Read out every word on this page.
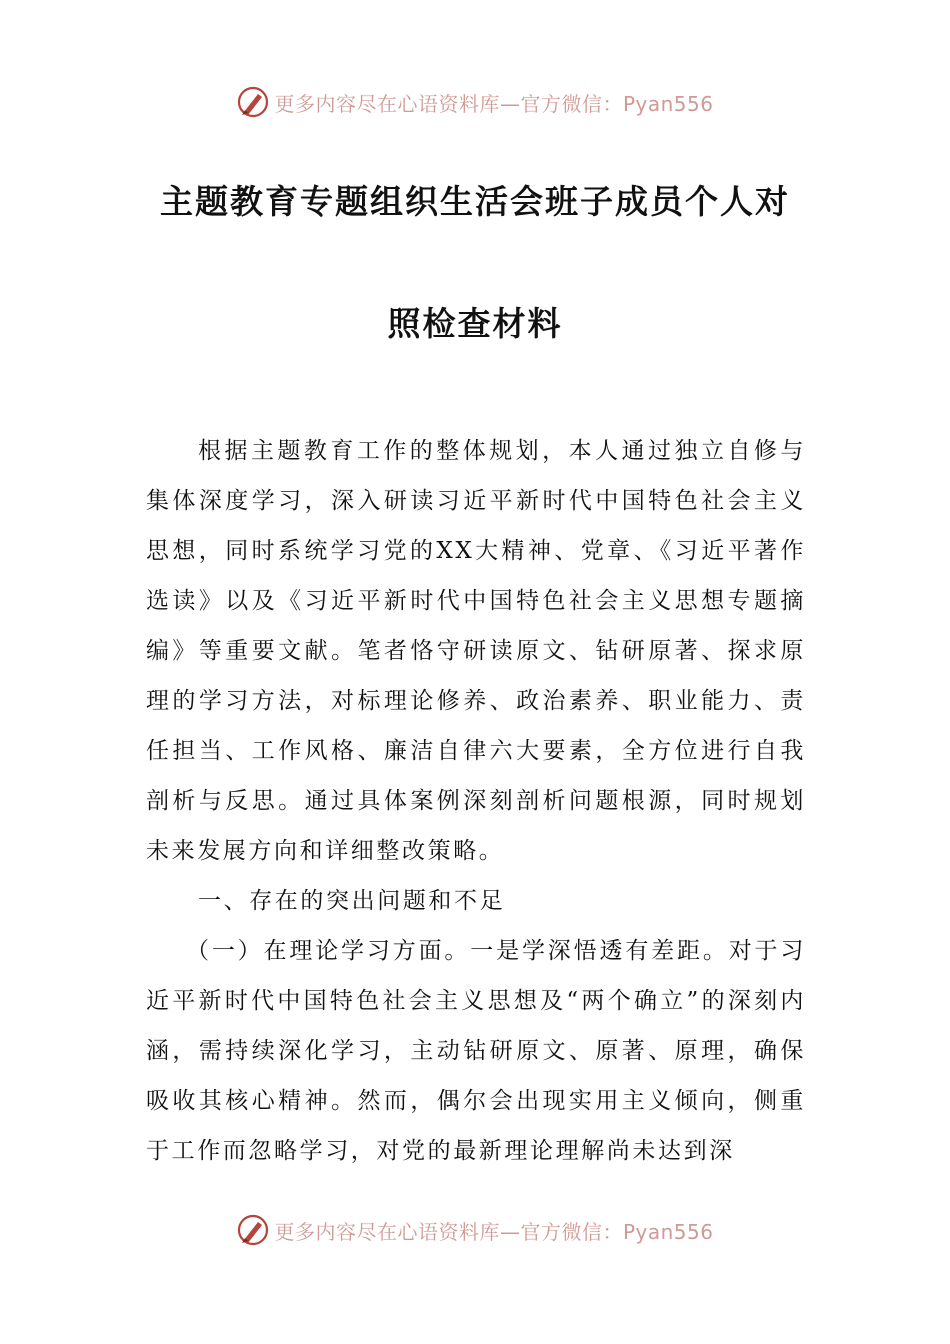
更多内容尽在心语资料库—官方微信：Pyan556
主题教育专题组织生活会班子成员个人对
照检查材料

根据主题教育工作的整体规划，本人通过独立自修与集体深度学习，深入研读习近平新时代中国特色社会主义思想，同时系统学习党的XX大精神、党章、《习近平著作选读》以及《习近平新时代中国特色社会主义思想专题摘编》等重要文献。笔者恪守研读原文、钻研原著、探求原理的学习方法，对标理论修养、政治素养、职业能力、责任担当、工作风格、廉洁自律六大要素，全方位进行自我剖析与反思。通过具体案例深刻剖析问题根源，同时规划未来发展方向和详细整改策略。

一、存在的突出问题和不足

（一）在理论学习方面。一是学深悟透有差距。对于习近平新时代中国特色社会主义思想及“两个确立”的深刻内涵，需持续深化学习，主动钻研原文、原著、原理，确保吸收其核心精神。然而，偶尔会出现实用主义倾向，侧重于工作而忽略学习，对党的最新理论理解尚未达到深

更多内容尽在心语资料库—官方微信：Pyan556
